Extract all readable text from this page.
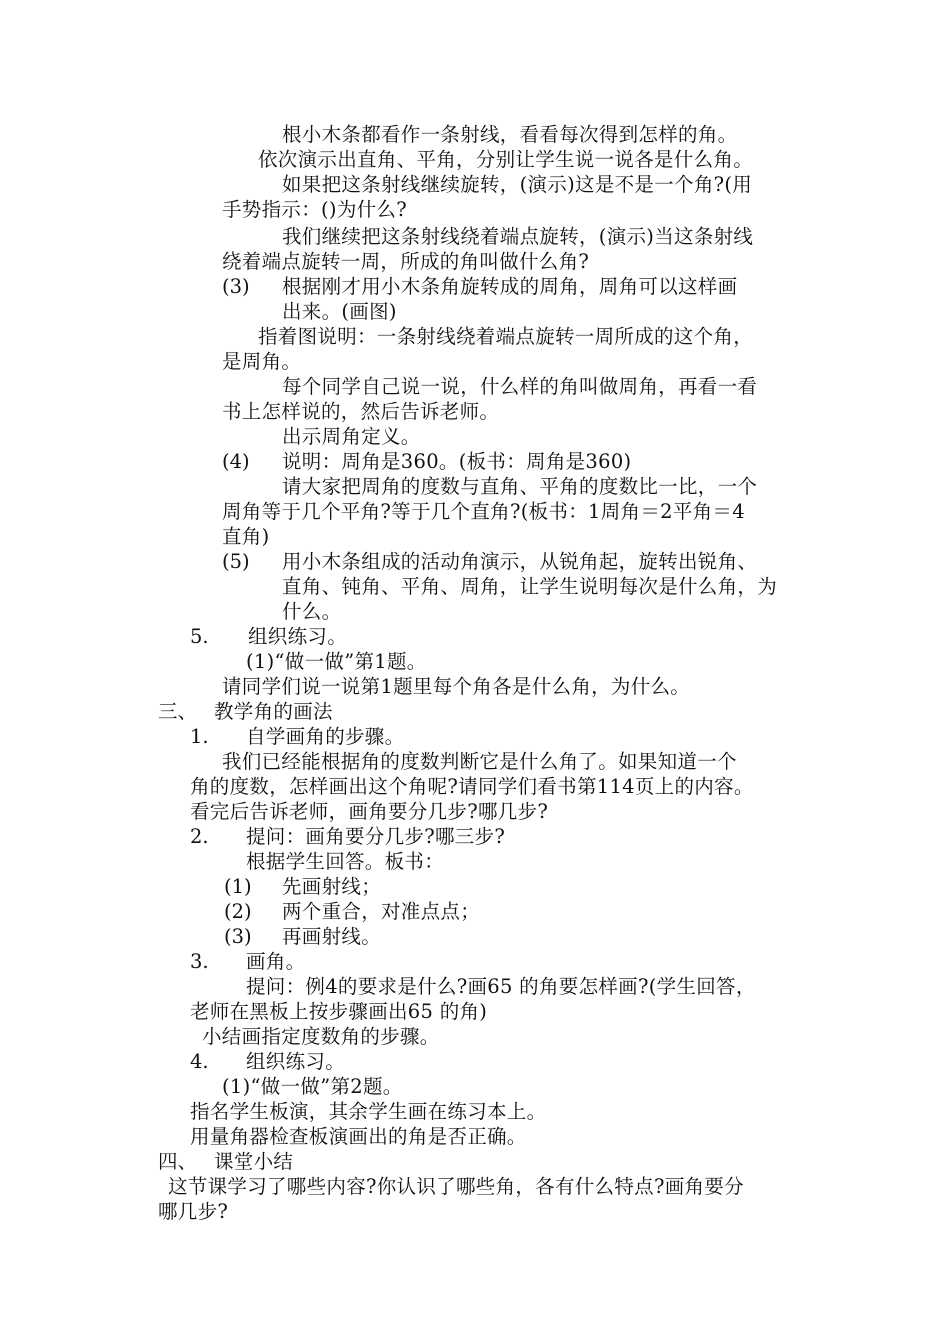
根小木条都看作一条射线，看看每次得到怎样的角。
依次演示出直角、平角，分别让学生说一说各是什么角。
如果把这条射线继续旋转，(演示)这是不是一个角?(用
手势指示：()为什么?
我们继续把这条射线绕着端点旋转，(演示)当这条射线
绕着端点旋转一周，所成的角叫做什么角?
(3) 根据刚才用小木条角旋转成的周角，周角可以这样画
出来。(画图)
指着图说明：一条射线绕着端点旋转一周所成的这个角，
是周角。
每个同学自己说一说，什么样的角叫做周角，再看一看
书上怎样说的，然后告诉老师。
出示周角定义。
(4) 说明：周角是360。(板书：周角是360)
请大家把周角的度数与直角、平角的度数比一比，一个
周角等于几个平角?等于几个直角?(板书：1周角＝2平角＝4
直角)
(5) 用小木条组成的活动角演示，从锐角起，旋转出锐角、
直角、钝角、平角、周角，让学生说明每次是什么角，为
什么。
5. 组织练习。
(1)“做一做”第1题。
请同学们说一说第1题里每个角各是什么角，为什么。
三、 教学角的画法
1. 自学画角的步骤。
我们已经能根据角的度数判断它是什么角了。如果知道一个
角的度数，怎样画出这个角呢?请同学们看书第114页上的内容。
看完后告诉老师，画角要分几步?哪几步?
2. 提问：画角要分几步?哪三步?
根据学生回答。板书：
(1) 先画射线；
(2) 两个重合，对准点点；
(3) 再画射线。
3. 画角。
提问：例4的要求是什么?画65 的角要怎样画?(学生回答，
老师在黑板上按步骤画出65 的角)
小结画指定度数角的步骤。
4. 组织练习。
(1)“做一做”第2题。
指名学生板演，其余学生画在练习本上。
用量角器检查板演画出的角是否正确。
四、 课堂小结
这节课学习了哪些内容?你认识了哪些角，各有什么特点?画角要分
哪几步?
